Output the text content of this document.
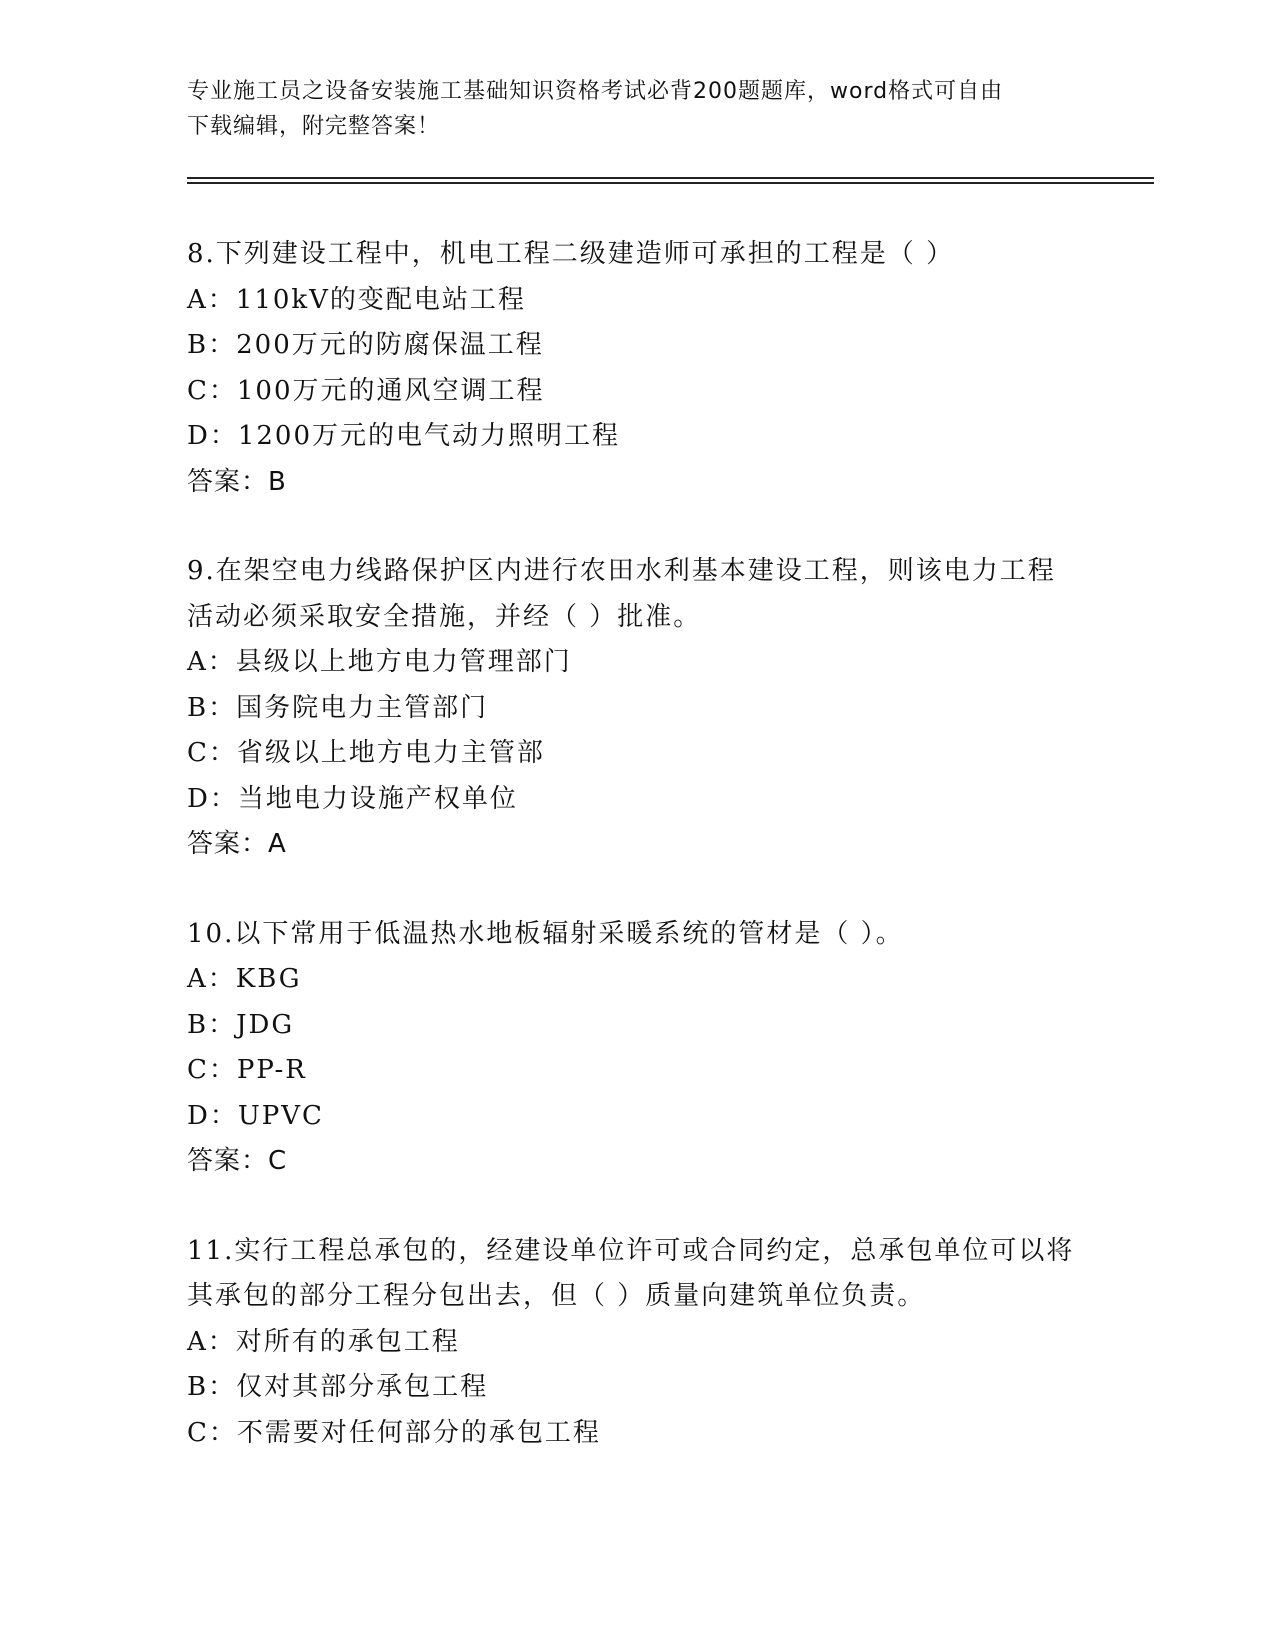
专业施工员之设备安装施工基础知识资格考试必背200题题库，word格式可自由
下载编辑，附完整答案！
8.下列建设工程中，机电工程二级建造师可承担的工程是（ ）
A：110kV的变配电站工程
B：200万元的防腐保温工程
C：100万元的通风空调工程
D：1200万元的电气动力照明工程
答案：B
9.在架空电力线路保护区内进行农田水利基本建设工程，则该电力工程活动必须采取安全措施，并经（ ）批准。
A：县级以上地方电力管理部门
B：国务院电力主管部门
C：省级以上地方电力主管部
D：当地电力设施产权单位
答案：A
10.以下常用于低温热水地板辐射采暖系统的管材是（ ）。
A：KBG
B：JDG
C：PP-R
D：UPVC
答案：C
11.实行工程总承包的，经建设单位许可或合同约定，总承包单位可以将其承包的部分工程分包出去，但（ ）质量向建筑单位负责。
A：对所有的承包工程
B：仅对其部分承包工程
C：不需要对任何部分的承包工程
